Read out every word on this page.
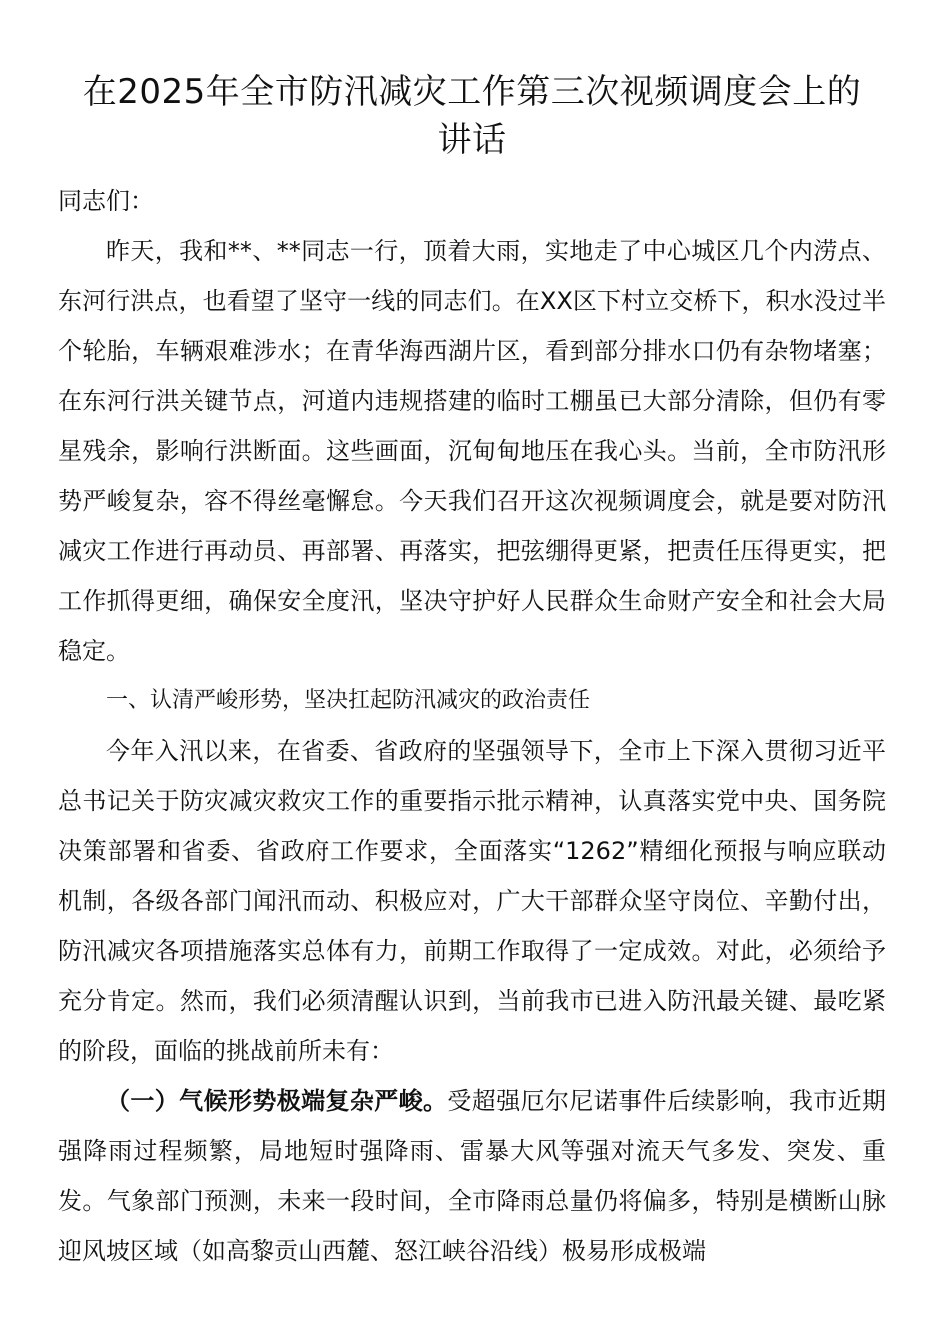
在2025年全市防汛减灾工作第三次视频调度会上的
讲话

同志们：

昨天，我和**、**同志一行，顶着大雨，实地走了中心城区几个内涝点、东河行洪点，也看望了坚守一线的同志们。在XX区下村立交桥下，积水没过半个轮胎，车辆艰难涉水；在青华海西湖片区，看到部分排水口仍有杂物堵塞；在东河行洪关键节点，河道内违规搭建的临时工棚虽已大部分清除，但仍有零星残余，影响行洪断面。这些画面，沉甸甸地压在我心头。当前，全市防汛形势严峻复杂，容不得丝毫懈怠。今天我们召开这次视频调度会，就是要对防汛减灾工作进行再动员、再部署、再落实，把弦绷得更紧，把责任压得更实，把工作抓得更细，确保安全度汛，坚决守护好人民群众生命财产安全和社会大局稳定。

一、认清严峻形势，坚决扛起防汛减灾的政治责任

今年入汛以来，在省委、省政府的坚强领导下，全市上下深入贯彻习近平总书记关于防灾减灾救灾工作的重要指示批示精神，认真落实党中央、国务院决策部署和省委、省政府工作要求，全面落实“1262”精细化预报与响应联动机制，各级各部门闻汛而动、积极应对，广大干部群众坚守岗位、辛勤付出，防汛减灾各项措施落实总体有力，前期工作取得了一定成效。对此，必须给予充分肯定。然而，我们必须清醒认识到，当前我市已进入防汛最关键、最吃紧的阶段，面临的挑战前所未有：

（一）气候形势极端复杂严峻。受超强厄尔尼诺事件后续影响，我市近期强降雨过程频繁，局地短时强降雨、雷暴大风等强对流天气多发、突发、重发。气象部门预测，未来一段时间，全市降雨总量仍将偏多，特别是横断山脉迎风坡区域（如高黎贡山西麓、怒江峡谷沿线）极易形成极端
